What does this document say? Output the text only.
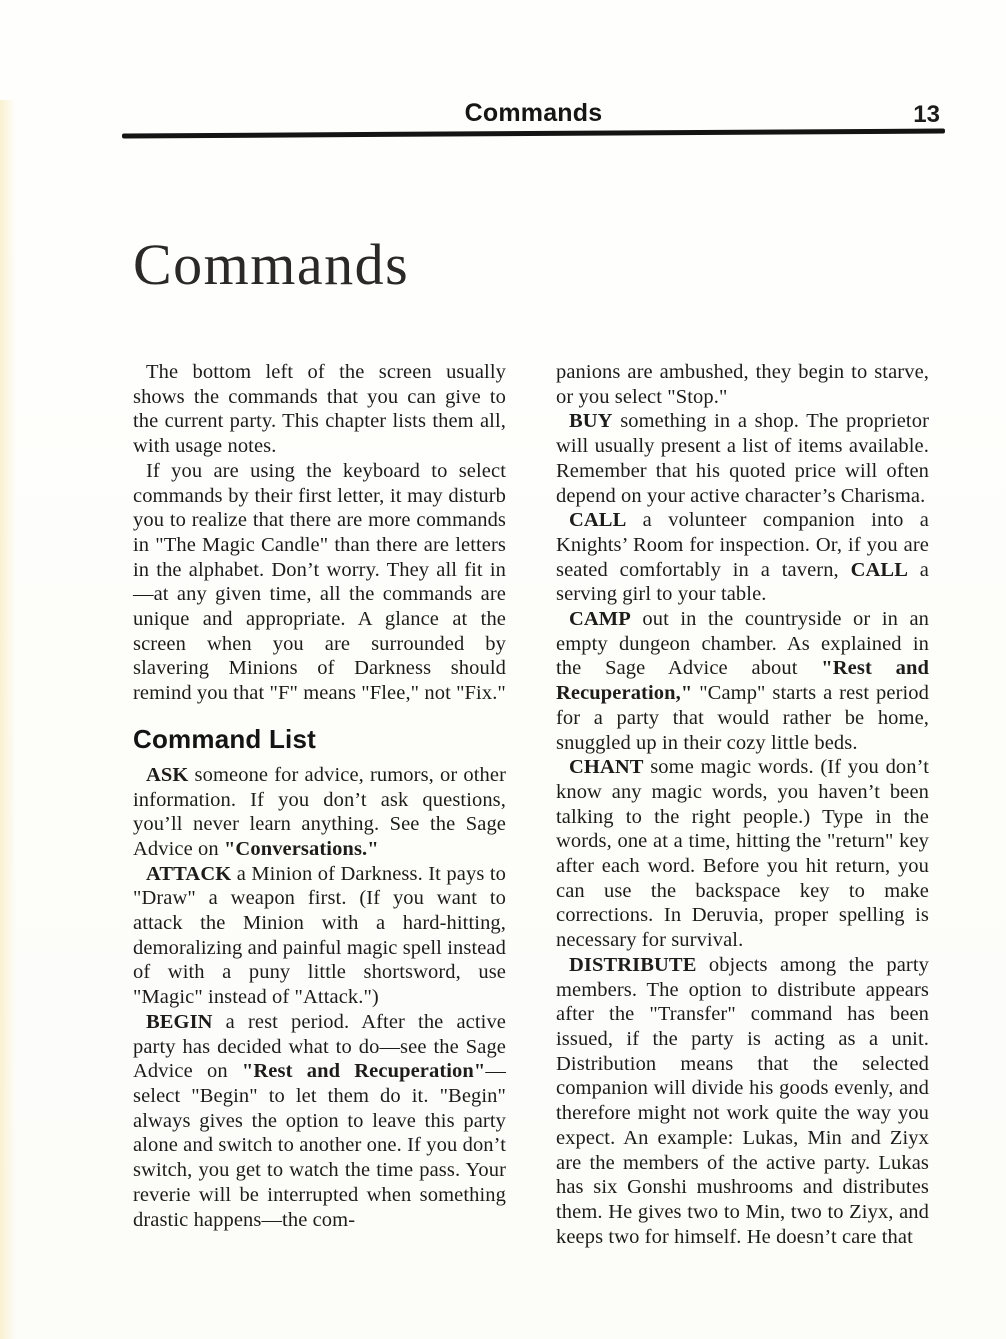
Commands	13
Commands

The bottom left of the screen usually shows the commands that you can give to the current party. This chapter lists them all, with usage notes.

If you are using the keyboard to select commands by their first letter, it may disturb you to realize that there are more commands in "The Magic Candle" than there are letters in the alphabet. Don’t worry. They all fit in—at any given time, all the commands are unique and appropriate. A glance at the screen when you are surrounded by slavering Minions of Darkness should remind you that "F" means "Flee," not "Fix."

Command List

ASK someone for advice, rumors, or other information. If you don’t ask questions, you’ll never learn anything. See the Sage Advice on "Conversations."

ATTACK a Minion of Darkness. It pays to "Draw" a weapon first. (If you want to attack the Minion with a hard-hitting, demoralizing and painful magic spell instead of with a puny little shortsword, use "Magic" instead of "Attack.")

BEGIN a rest period. After the active party has decided what to do—see the Sage Advice on "Rest and Recuperation"—select "Begin" to let them do it. "Begin" always gives the option to leave this party alone and switch to another one. If you don’t switch, you get to watch the time pass. Your reverie will be interrupted when something drastic happens—the com-

panions are ambushed, they begin to starve, or you select "Stop."

BUY something in a shop. The proprietor will usually present a list of items available. Remember that his quoted price will often depend on your active character’s Charisma.

CALL a volunteer companion into a Knights’ Room for inspection. Or, if you are seated comfortably in a tavern, CALL a serving girl to your table.

CAMP out in the countryside or in an empty dungeon chamber. As explained in the Sage Advice about "Rest and Recuperation," "Camp" starts a rest period for a party that would rather be home, snuggled up in their cozy little beds.

CHANT some magic words. (If you don’t know any magic words, you haven’t been talking to the right people.) Type in the words, one at a time, hitting the "return" key after each word. Before you hit return, you can use the backspace key to make corrections. In Deruvia, proper spelling is necessary for survival.

DISTRIBUTE objects among the party members. The option to distribute appears after the "Transfer" command has been issued, if the party is acting as a unit. Distribution means that the selected companion will divide his goods evenly, and therefore might not work quite the way you expect. An example: Lukas, Min and Ziyx are the members of the active party. Lukas has six Gonshi mushrooms and distributes them. He gives two to Min, two to Ziyx, and keeps two for himself. He doesn’t care that
